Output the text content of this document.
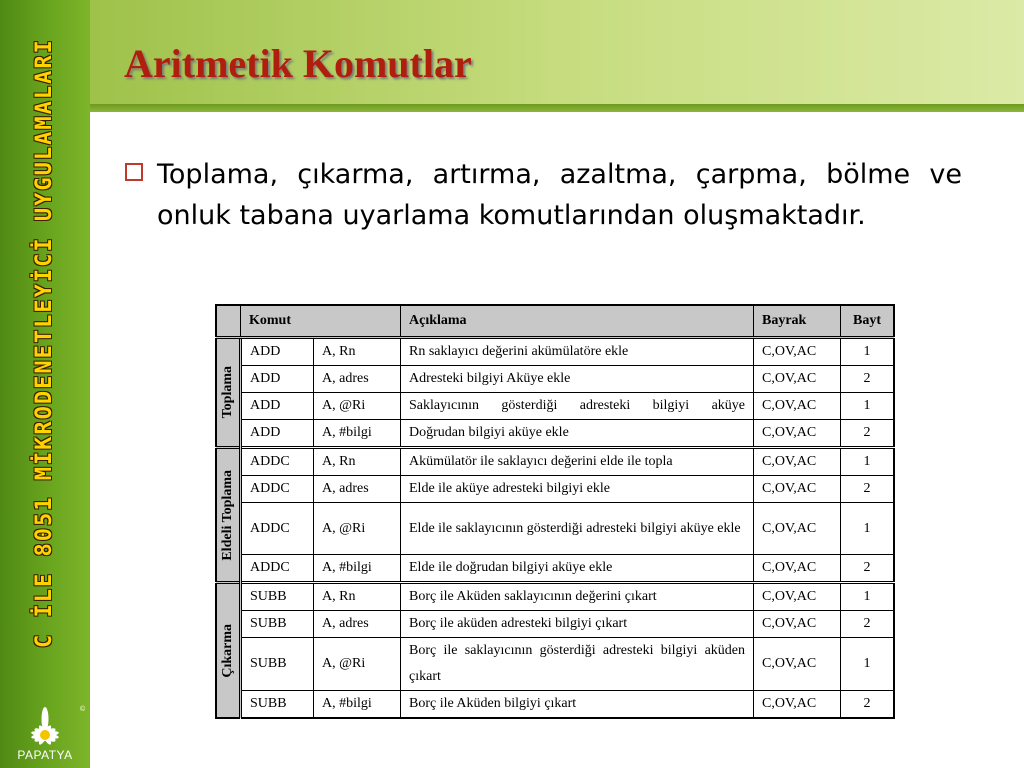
C İLE 8051 MİKRODENETLEYİCİ UYGULAMALARI
PAPATYA
©
Aritmetik Komutlar
Toplama, çıkarma, artırma, azaltma, çarpma, bölme ve onluk tabana uyarlama komutlarından oluşmaktadır.
	Komut		Açıklama	Bayrak	Bayt

Toplama	ADD	A, Rn	Rn saklayıcı değerini akümülatöre ekle	C,OV,AC	1
	ADD	A, adres	Adresteki bilgiyi Aküye ekle	C,OV,AC	2
	ADD	A, @Ri	Saklayıcının gösterdiği adresteki bilgiyi aküye	C,OV,AC	1
	ADD	A, #bilgi	Doğrudan bilgiyi aküye ekle	C,OV,AC	2

Eldeli Toplama	ADDC	A, Rn	Akümülatör ile saklayıcı değerini elde ile topla	C,OV,AC	1
	ADDC	A, adres	Elde ile aküye adresteki bilgiyi ekle	C,OV,AC	2
	ADDC	A, @Ri	Elde ile saklayıcının gösterdiği adresteki bilgiyi aküye ekle	C,OV,AC	1
	ADDC	A, #bilgi	Elde ile doğrudan bilgiyi aküye ekle	C,OV,AC	2

Çıkarma	SUBB	A, Rn	Borç ile Aküden saklayıcının değerini çıkart	C,OV,AC	1
	SUBB	A, adres	Borç ile aküden adresteki bilgiyi çıkart	C,OV,AC	2
	SUBB	A, @Ri	Borç ile saklayıcının gösterdiği adresteki bilgiyi aküden çıkart	C,OV,AC	1
	SUBB	A, #bilgi	Borç ile Aküden bilgiyi çıkart	C,OV,AC	2
